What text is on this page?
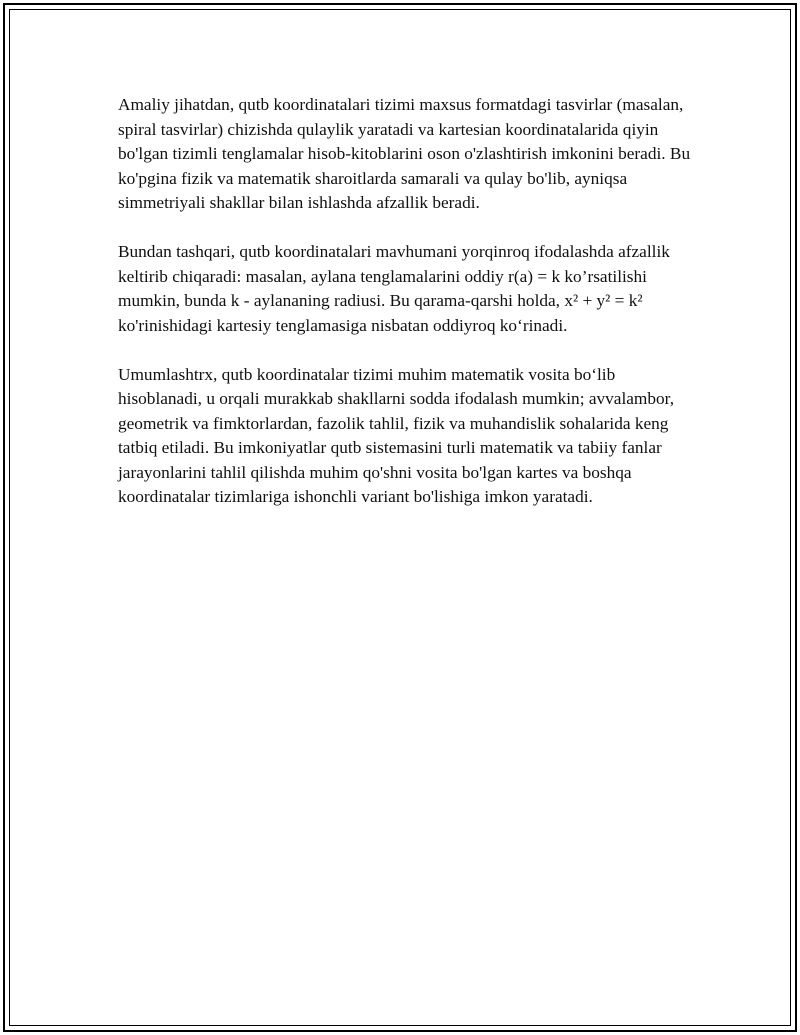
Amaliy jihatdan, qutb koordinatalari tizimi maxsus formatdagi tasvirlar (masalan, spiral tasvirlar) chizishda qulaylik yaratadi va kartesian koordinatalarida qiyin bo'lgan tizimli tenglamalar hisob-kitoblarini oson o'zlashtirish imkonini beradi. Bu ko'pgina fizik va matematik sharoitlarda samarali va qulay bo'lib, ayniqsa simmetriyali shakllar bilan ishlashda afzallik beradi.

Bundan tashqari, qutb koordinatalari mavhumani yorqinroq ifodalashda afzallik keltirib chiqaradi: masalan, aylana tenglamalarini oddiy r(a) = k ko’rsatilishi mumkin, bunda k - aylananing radiusi. Bu qarama-qarshi holda, x² + y² = k² ko'rinishidagi kartesiy tenglamasiga nisbatan oddiyroq ko‘rinadi.

Umumlashtrx, qutb koordinatalar tizimi muhim matematik vosita bo‘lib hisoblanadi, u orqali murakkab shakllarni sodda ifodalash mumkin; avvalambor, geometrik va fimktorlardan, fazolik tahlil, fizik va muhandislik sohalarida keng tatbiq etiladi. Bu imkoniyatlar qutb sistemasini turli matematik va tabiiy fanlar jarayonlarini tahlil qilishda muhim qo'shni vosita bo'lgan kartes va boshqa koordinatalar tizimlariga ishonchli variant bo'lishiga imkon yaratadi.
